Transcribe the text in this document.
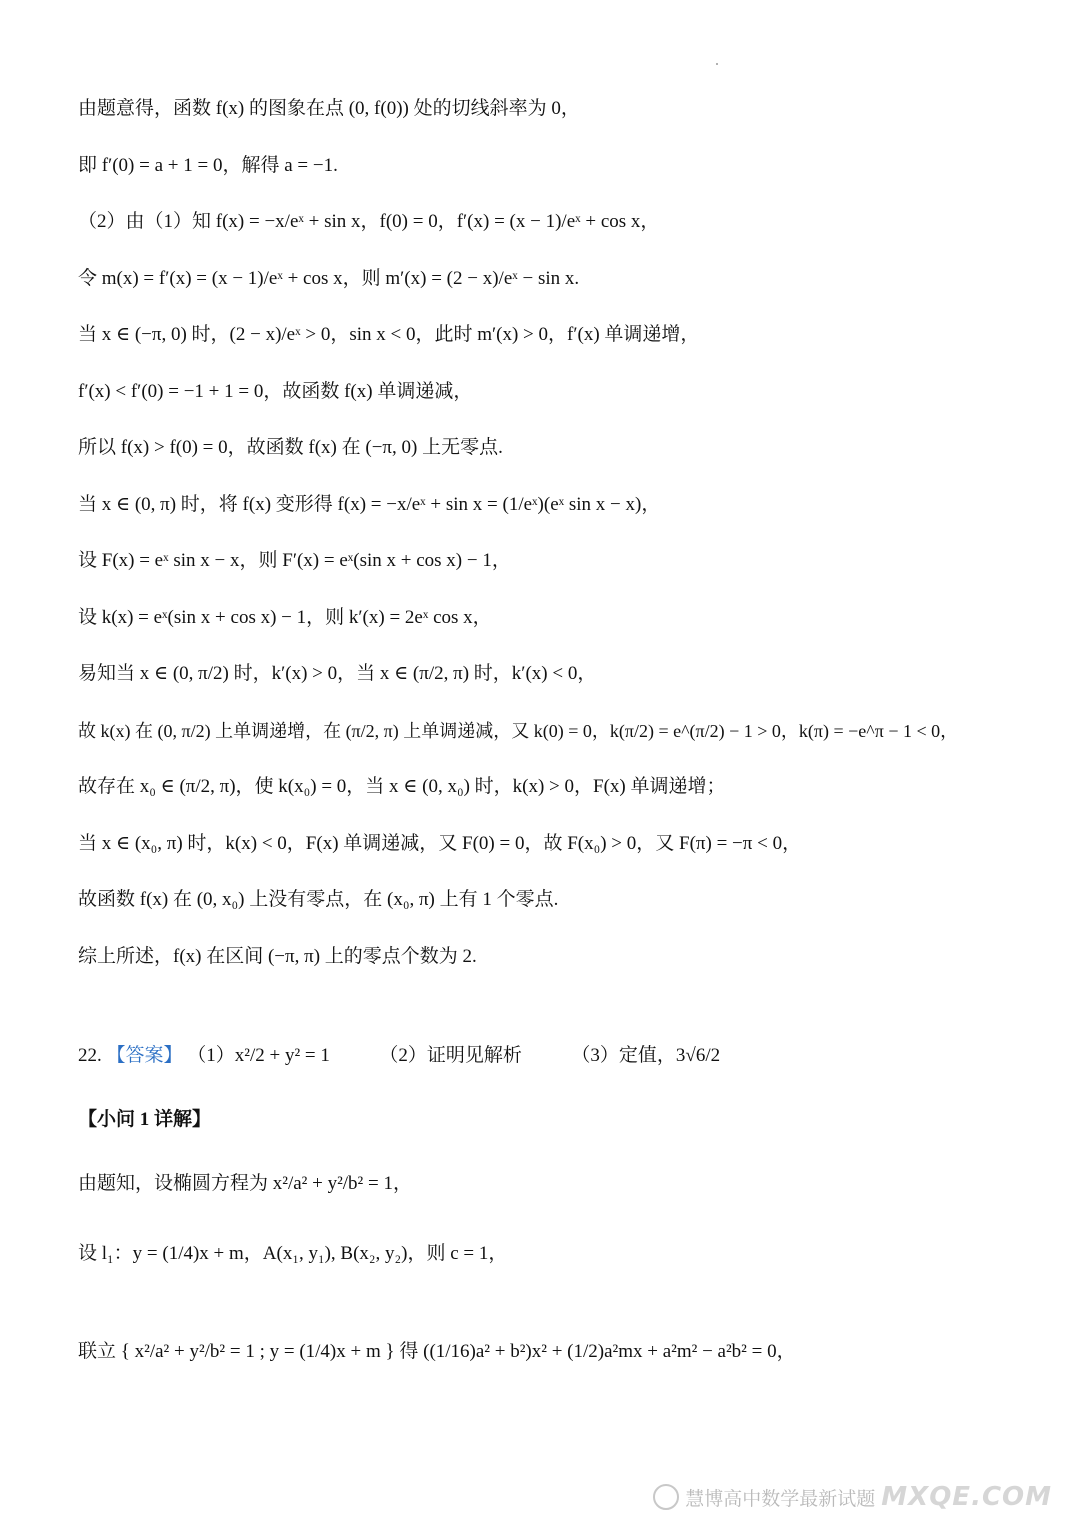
由题意得，函数 f(x) 的图象在点 (0, f(0)) 处的切线斜率为 0，
即 f′(0) = a + 1 = 0，解得 a = −1.
（2）由（1）知 f(x) = −x/eˣ + sin x，f(0) = 0，f′(x) = (x − 1)/eˣ + cos x，
令 m(x) = f′(x) = (x − 1)/eˣ + cos x，则 m′(x) = (2 − x)/eˣ − sin x.
当 x ∈ (−π, 0) 时，(2 − x)/eˣ > 0，sin x < 0，此时 m′(x) > 0，f′(x) 单调递增，
f′(x) < f′(0) = −1 + 1 = 0，故函数 f(x) 单调递减，
所以 f(x) > f(0) = 0，故函数 f(x) 在 (−π, 0) 上无零点.
当 x ∈ (0, π) 时，将 f(x) 变形得 f(x) = −x/eˣ + sin x = (1/eˣ)(eˣ sin x − x)，
设 F(x) = eˣ sin x − x，则 F′(x) = eˣ(sin x + cos x) − 1，
设 k(x) = eˣ(sin x + cos x) − 1，则 k′(x) = 2eˣ cos x，
易知当 x ∈ (0, π/2) 时，k′(x) > 0，当 x ∈ (π/2, π) 时，k′(x) < 0，
故 k(x) 在 (0, π/2) 上单调递增，在 (π/2, π) 上单调递减，又 k(0) = 0，k(π/2) = e^(π/2) − 1 > 0，k(π) = −e^π − 1 < 0，
故存在 x₀ ∈ (π/2, π)，使 k(x₀) = 0，当 x ∈ (0, x₀) 时，k(x) > 0，F(x) 单调递增；
当 x ∈ (x₀, π) 时，k(x) < 0，F(x) 单调递减，又 F(0) = 0，故 F(x₀) > 0，又 F(π) = −π < 0，
故函数 f(x) 在 (0, x₀) 上没有零点，在 (x₀, π) 上有 1 个零点.
综上所述，f(x) 在区间 (−π, π) 上的零点个数为 2.
22. 【答案】 （1）x²/2 + y² = 1	（2）证明见解析	（3）定值，3√6/2
【小问 1 详解】
由题知，设椭圆方程为 x²/a² + y²/b² = 1，
设 l₁：y = (1/4)x + m，A(x₁, y₁), B(x₂, y₂)，则 c = 1，
联立 { x²/a² + y²/b² = 1 ; y = (1/4)x + m } 得 ((1/16)a² + b²)x² + (1/2)a²mx + a²m² − a²b² = 0，
慧博高中数学最新试题 MXQE.COM
